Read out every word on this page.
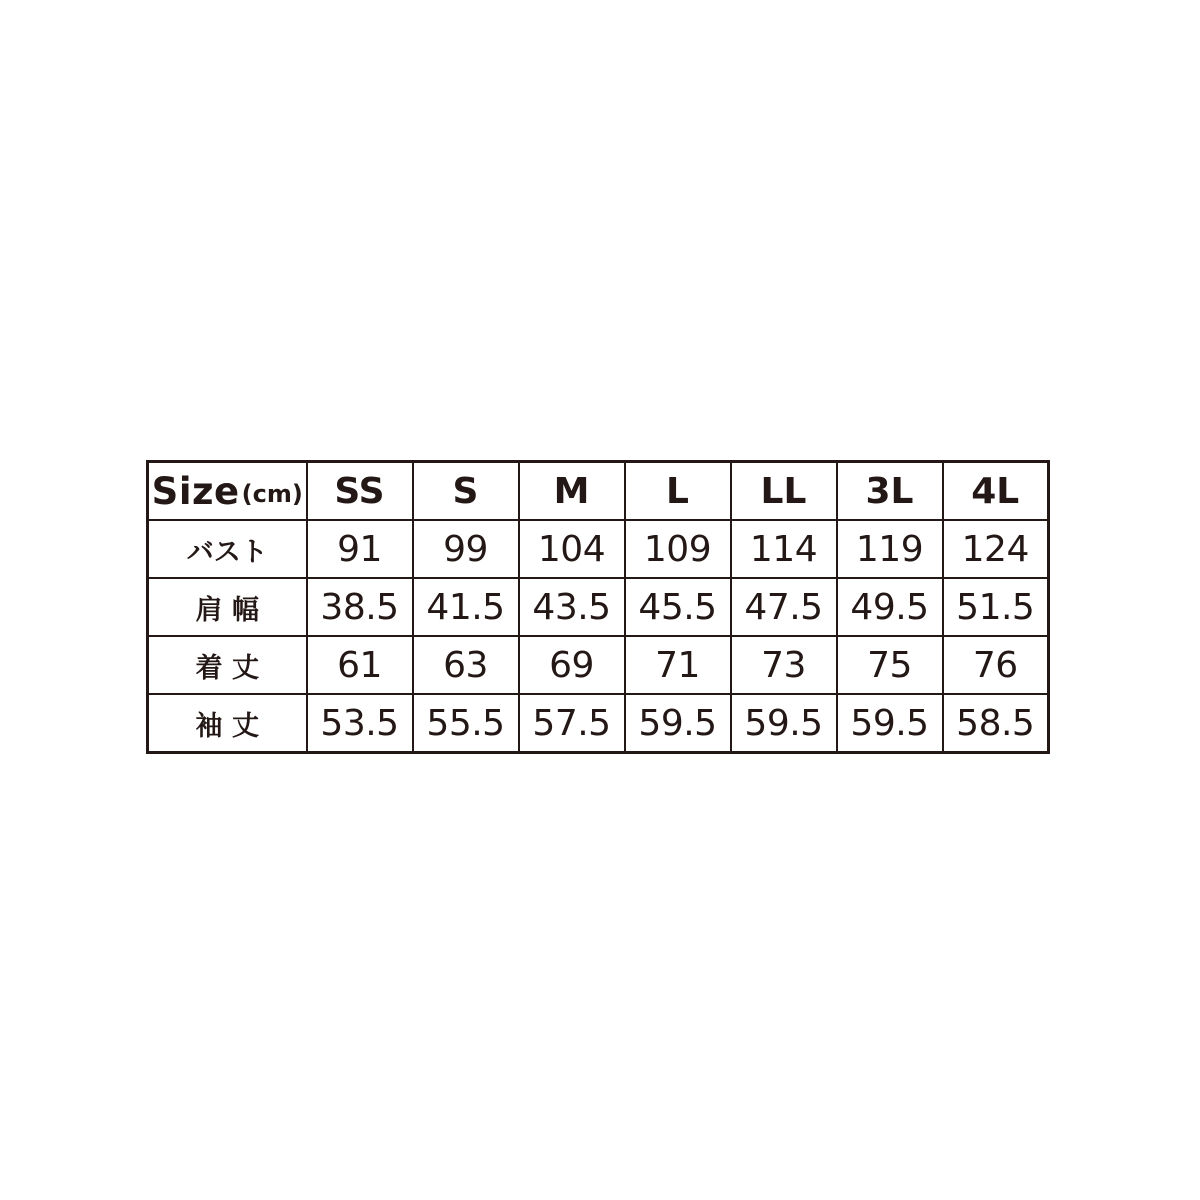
Size(cm)	SS	S	M	L	LL	3L	4L
バスト	91	99	104	109	114	119	124
肩 幅	38.5	41.5	43.5	45.5	47.5	49.5	51.5
着 丈	61	63	69	71	73	75	76
袖 丈	53.5	55.5	57.5	59.5	59.5	59.5	58.5
